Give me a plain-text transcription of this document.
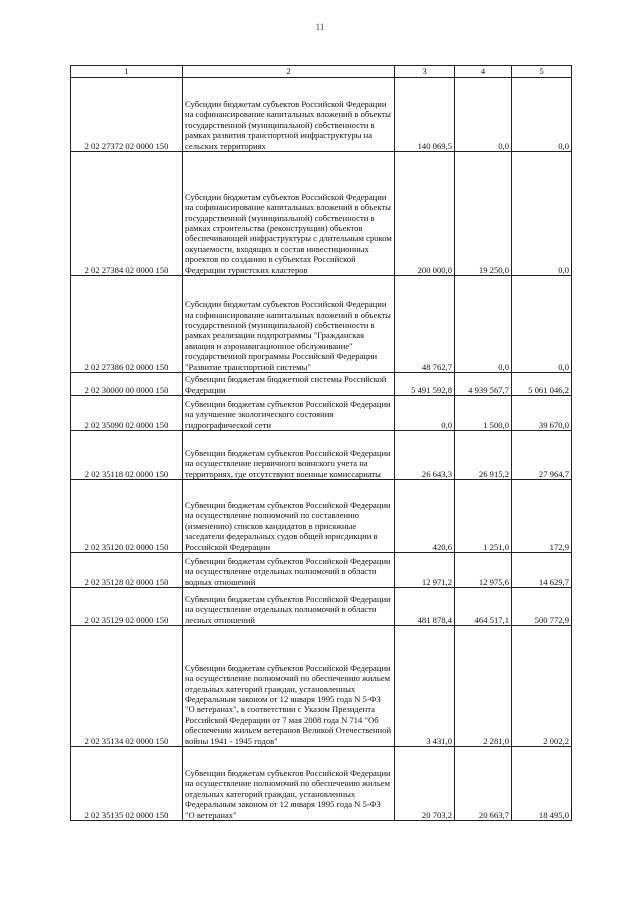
11
1	2	3	4	5
2 02 27372 02 0000 150	Субсидии бюджетам субъектов Российской Федерации на софинансирование капитальных вложений в объекты государственной (муниципальной) собственности в рамках развития транспортной инфраструктуры на сельских территориях	140 069,5	0,0	0,0
2 02 27384 02 0000 150	Субсидии бюджетам субъектов Российской Федерации на софинансирование капитальных вложений в объекты государственной (муниципальной) собственности в рамках строительства (реконструкции) объектов обеспечивающей инфраструктуры с длительным сроком окупаемости, входящих в состав инвестиционных проектов по созданию в субъектах Российской Федерации туристских кластеров	200 000,0	19 250,0	0,0
2 02 27386 02 0000 150	Субсидии бюджетам субъектов Российской Федерации на софинансирование капитальных вложений в объекты государственной (муниципальной) собственности в рамках реализации подпрограммы "Гражданская авиация и аэронавигационное обслуживание" государственной программы Российской Федерации "Развитие транспортной системы"	48 762,7	0,0	0,0
2 02 30000 00 0000 150	Субвенции бюджетам бюджетной системы Российской Федерации	5 491 592,8	4 939 567,7	5 061 046,2
2 02 35090 02 0000 150	Субвенции бюджетам субъектов Российской Федерации на улучшение экологического состояния гидрографической сети	0,0	1 500,0	39 670,0
2 02 35118 02 0000 150	Субвенции бюджетам субъектов Российской Федерации на осуществление первичного воинского учета на территориях, где отсутствуют военные комиссариаты	26 643,3	26 915,2	27 964,7
2 02 35120 02 0000 150	Субвенции бюджетам субъектов Российской Федерации на осуществление полномочий по составлению (изменению) списков кандидатов в присяжные заседатели федеральных судов общей юрисдикции в Российской Федерации	420,6	1 251,0	172,9
2 02 35128 02 0000 150	Субвенции бюджетам субъектов Российской Федерации на осуществление отдельных полномочий в области водных отношений	12 971,2	12 975,6	14 629,7
2 02 35129 02 0000 150	Субвенции бюджетам субъектов Российской Федерации на осуществление отдельных полномочий в области лесных отношений	481 878,4	464 517,1	500 772,9
2 02 35134 02 0000 150	Субвенции бюджетам субъектов Российской Федерации на осуществление полномочий по обеспечению жильем отдельных категорий граждан, установленных Федеральным законом от 12 января 1995 года N 5-ФЗ "О ветеранах", в соответствии с Указом Президента Российской Федерации от 7 мая 2008 года N 714 "Об обеспечении жильем ветеранов Великой Отечественной войны 1941 - 1945 годов"	3 431,0	2 281,0	2 002,2
2 02 35135 02 0000 150	Субвенции бюджетам субъектов Российской Федерации на осуществление полномочий по обеспечению жильем отдельных категорий граждан, установленных Федеральным законом от 12 января 1995 года N 5-ФЗ "О ветеранах"	20 703,2	20 663,7	18 495,0
